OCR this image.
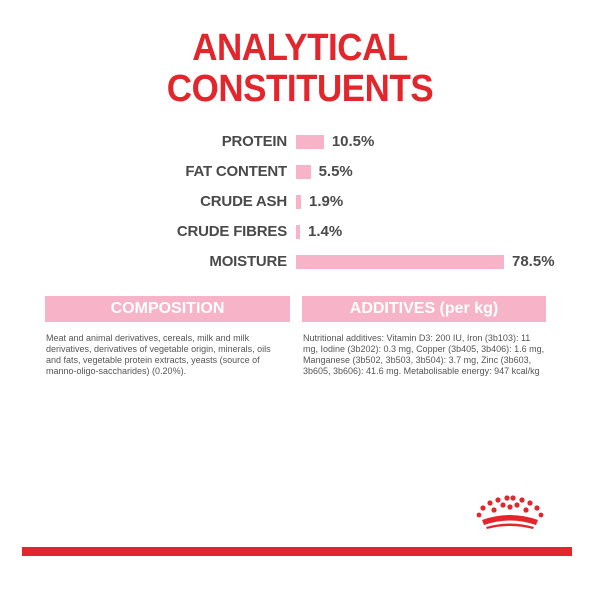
ANALYTICAL
CONSTITUENTS
PROTEIN	10.5%
FAT CONTENT 5.5%
CRUDE ASH 1.9%
CRUDE FIBRES 1.4%
MOISTURE	78.5%
COMPOSITION	ADDITIVES (per kg)
Meat and animal derivatives, cereals, milk and milk derivatives, derivatives of vegetable origin, minerals, oils and fats, vegetable protein extracts, yeasts (source of manno-oligo-saccharides) (0.20%).
Nutritional additives: Vitamin D3: 200 IU, Iron (3b103): 11 mg, Iodine (3b202): 0.3 mg, Copper (3b405, 3b406): 1.6 mg, Manganese (3b502, 3b503, 3b504): 3.7 mg, Zinc (3b603, 3b605, 3b606): 41.6 mg. Metabolisable energy: 947 kcal/kg
